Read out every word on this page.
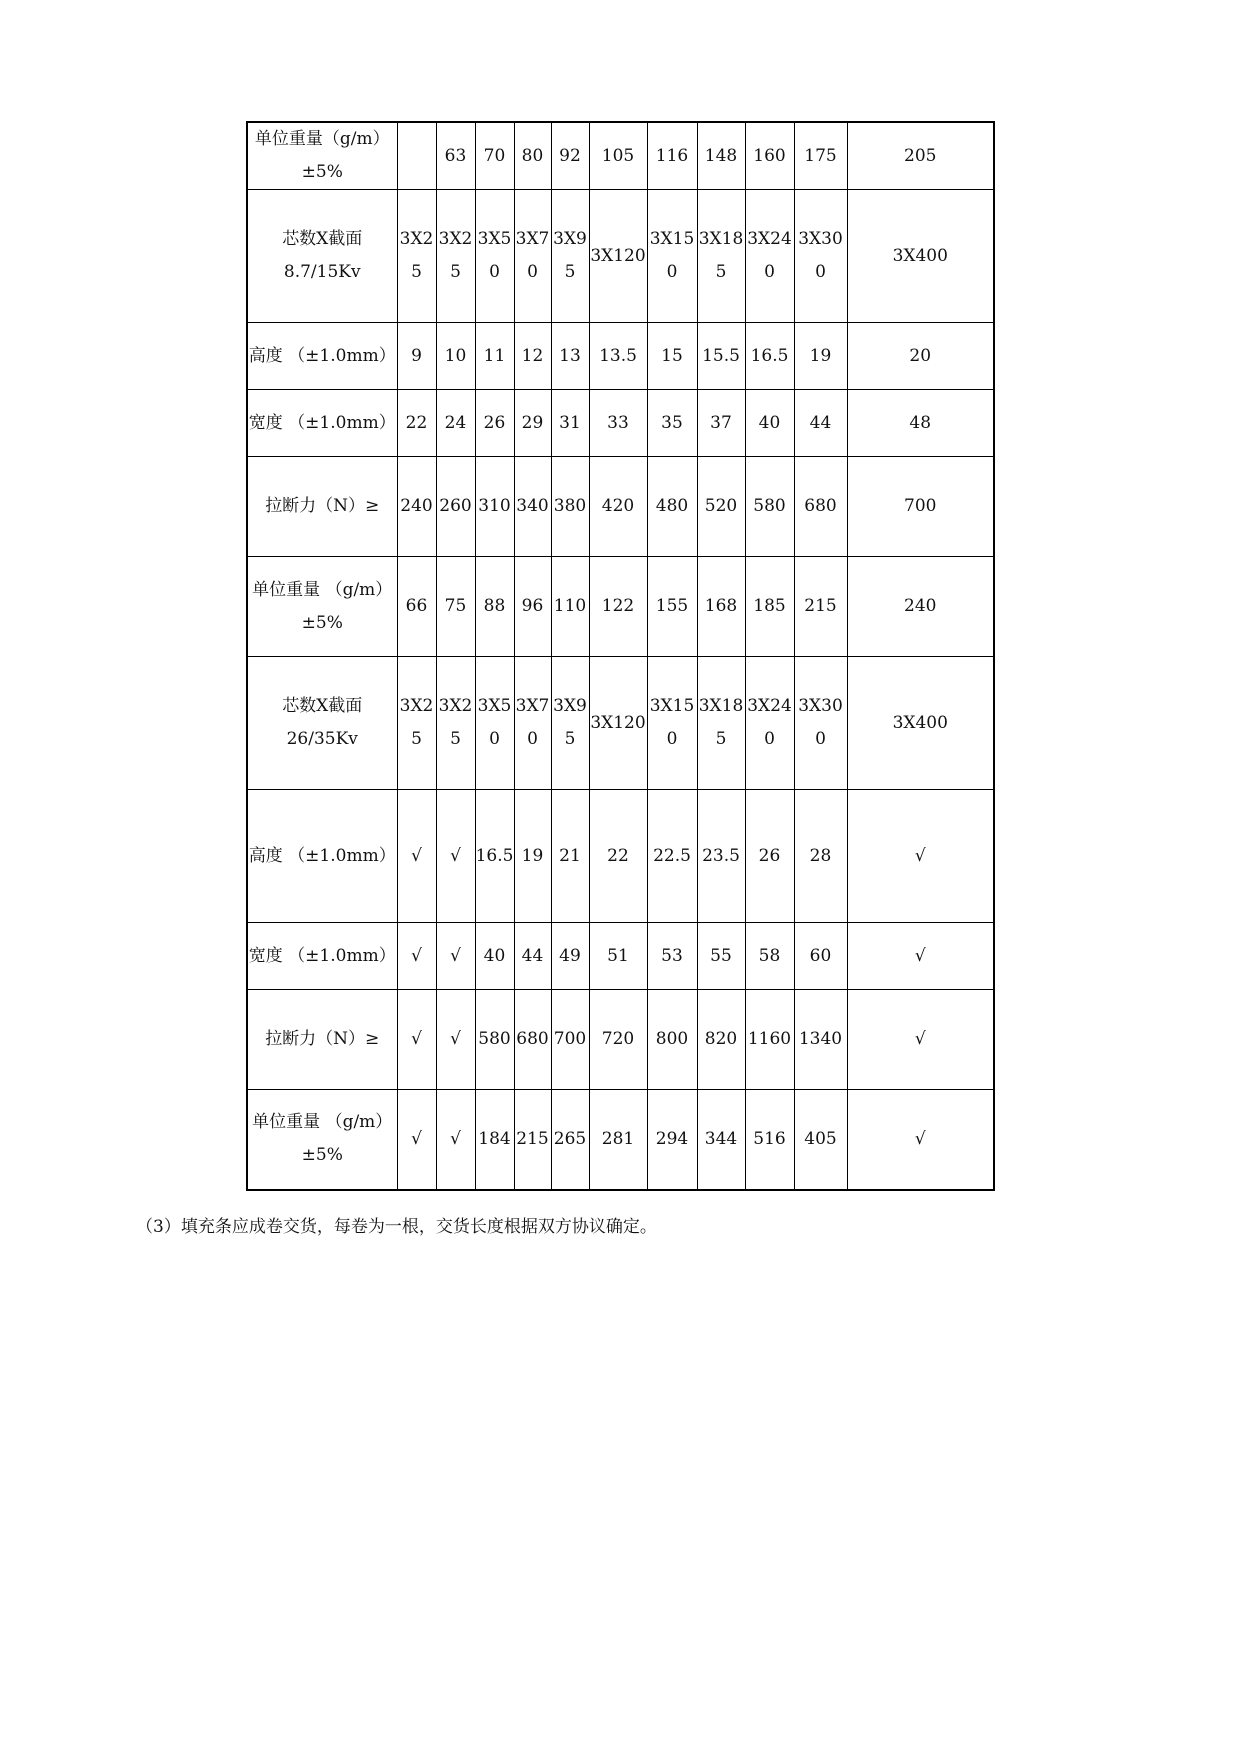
单位重量（g/m）
±5%		63	70	80	92	105	116	148	160	175	205
芯数X截面
8.7/15Kv	3X25	3X25	3X50	3X70	3X95	3X120	3X150	3X185	3X240	3X300	3X400
高度 （±1.0mm）	9	10	11	12	13	13.5	15	15.5	16.5	19	20
宽度 （±1.0mm）	22	24	26	29	31	33	35	37	40	44	48
拉断力（N）≥	240	260	310	340	380	420	480	520	580	680	700
单位重量 （g/m）
±5%	66	75	88	96	110	122	155	168	185	215	240
芯数X截面
26/35Kv	3X25	3X25	3X50	3X70	3X95	3X120	3X150	3X185	3X240	3X300	3X400
高度 （±1.0mm）	√	√	16.5	19	21	22	22.5	23.5	26	28	√
宽度 （±1.0mm）	√	√	40	44	49	51	53	55	58	60	√
拉断力（N）≥	√	√	580	680	700	720	800	820	1160	1340	√
单位重量 （g/m）
±5%	√	√	184	215	265	281	294	344	516	405	√

（3）填充条应成卷交货，每卷为一根，交货长度根据双方协议确定。
